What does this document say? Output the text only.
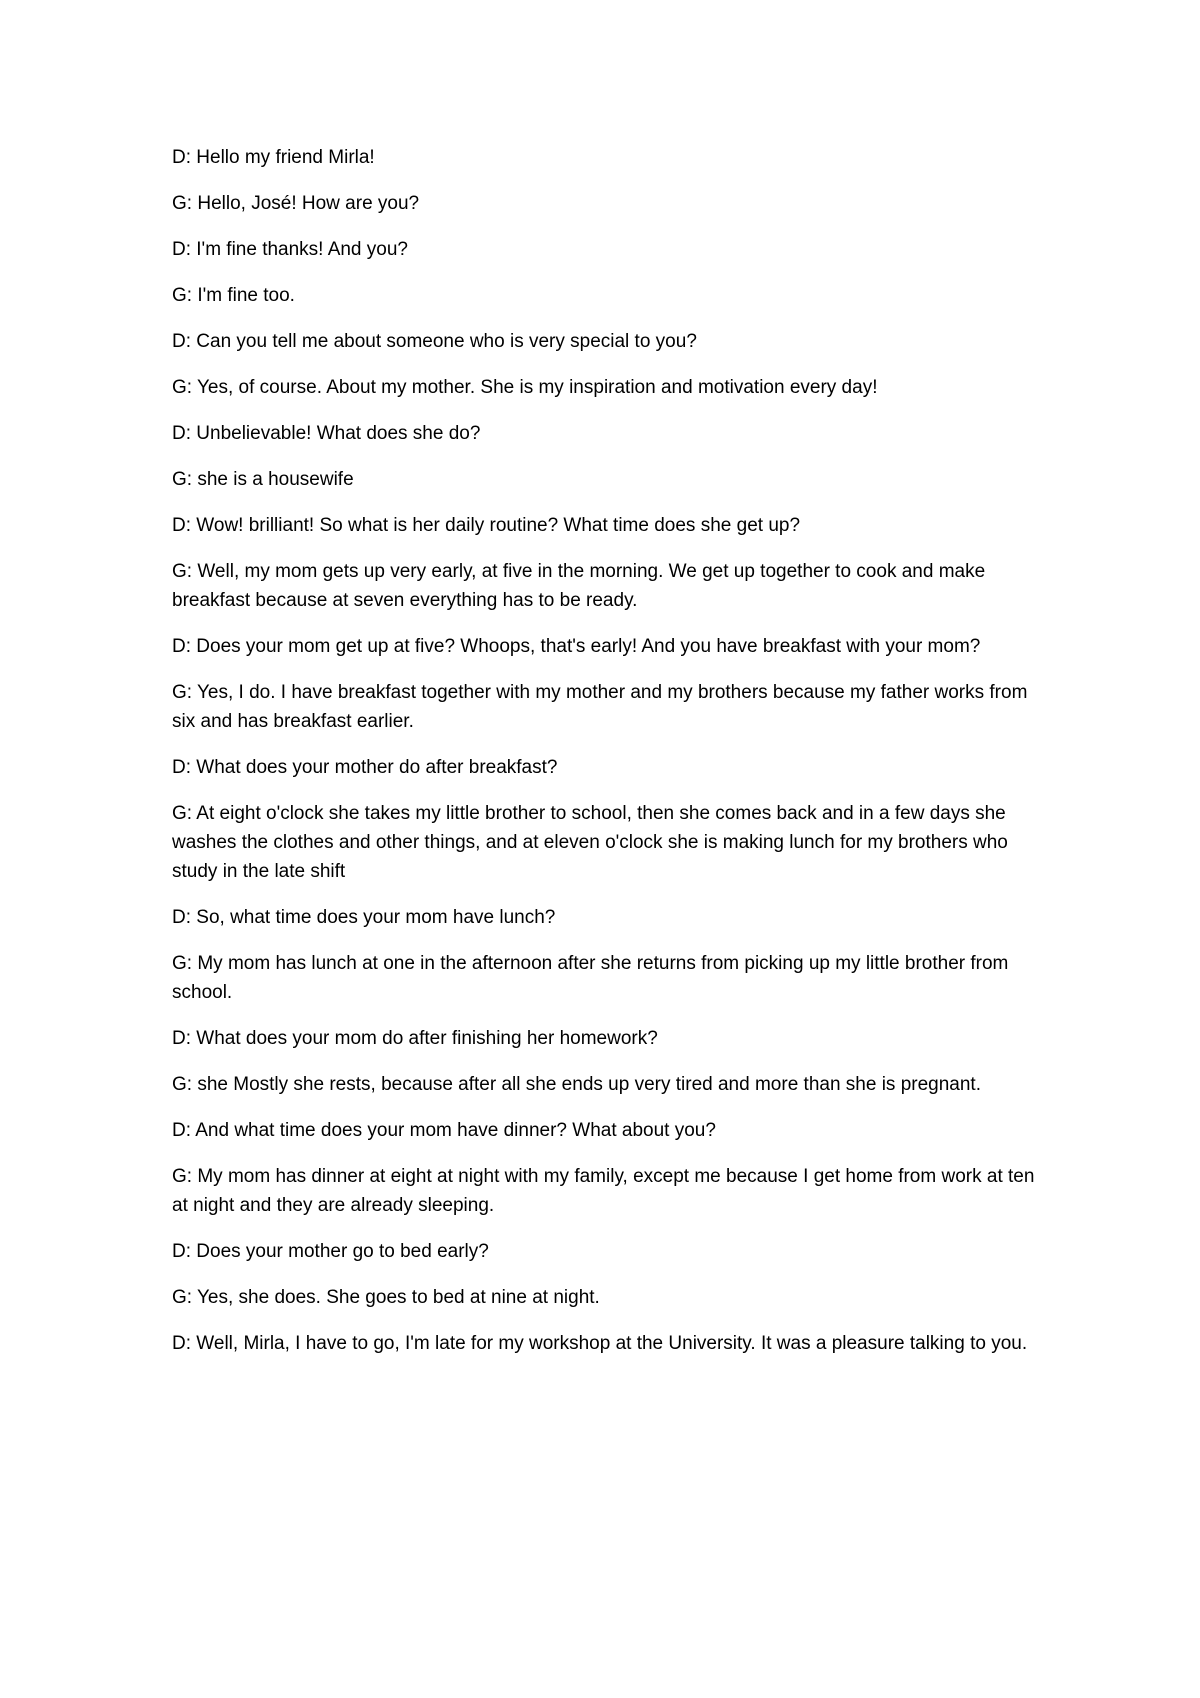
D: Hello my friend Mirla!

G: Hello, José! How are you?

D: I'm fine thanks! And you?

G: I'm fine too.

D: Can you tell me about someone who is very special to you?

G: Yes, of course. About my mother. She is my inspiration and motivation every day!

D: Unbelievable! What does she do?

G: she is a housewife

D: Wow! brilliant! So what is her daily routine? What time does she get up?

G: Well, my mom gets up very early, at five in the morning. We get up together to cook and make breakfast because at seven everything has to be ready.

D: Does your mom get up at five? Whoops, that's early! And you have breakfast with your mom?

G: Yes, I do. I have breakfast together with my mother and my brothers because my father works from six and has breakfast earlier.

D: What does your mother do after breakfast?

G: At eight o'clock she takes my little brother to school, then she comes back and in a few days she washes the clothes and other things, and at eleven o'clock she is making lunch for my brothers who study in the late shift

D: So, what time does your mom have lunch?

G: My mom has lunch at one in the afternoon after she returns from picking up my little brother from school.

D: What does your mom do after finishing her homework?

G: she Mostly she rests, because after all she ends up very tired and more than she is pregnant.

D: And what time does your mom have dinner? What about you?

G: My mom has dinner at eight at night with my family, except me because I get home from work at ten at night and they are already sleeping.

D: Does your mother go to bed early?

G: Yes, she does. She goes to bed at nine at night.

D: Well, Mirla, I have to go, I'm late for my workshop at the University. It was a pleasure talking to you.
